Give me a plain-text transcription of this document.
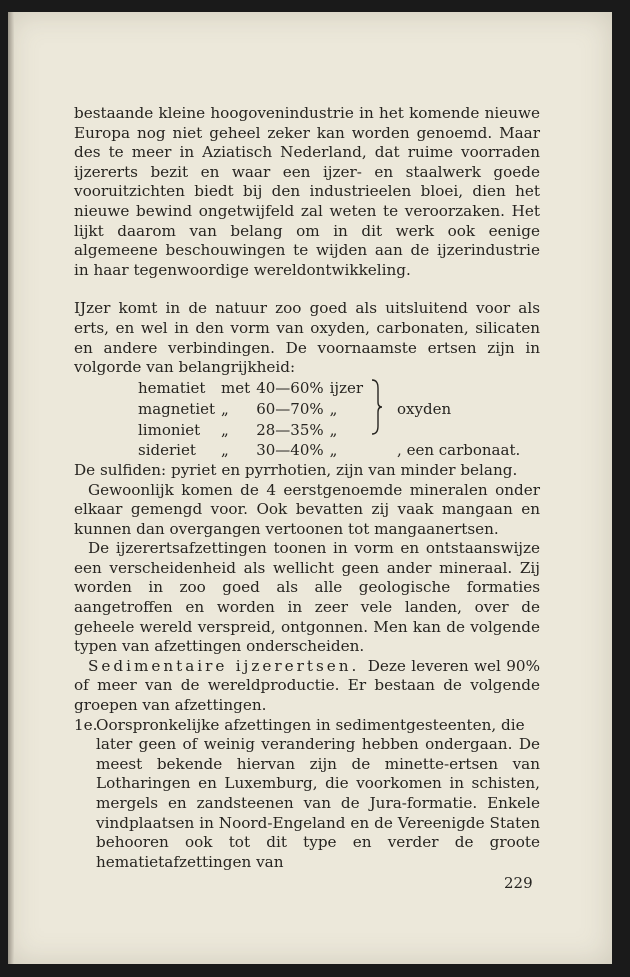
bestaande kleine hoogovenindustrie in het komende nieuwe Europa nog niet geheel zeker kan worden genoemd. Maar des te meer in Aziatisch Nederland, dat ruime voorraden ijzererts bezit en waar een ijzer- en staalwerk goede vooruitzichten biedt bij den industrieelen bloei, dien het nieuwe bewind ongetwijfeld zal weten te veroorzaken. Het lijkt daarom van belang om in dit werk ook eenige algemeene beschouwingen te wijden aan de ijzerindustrie in haar tegenwoordige wereldontwikkeling.

IJzer komt in de natuur zoo goed als uitsluitend voor als erts, en wel in den vorm van oxyden, carbonaten, silicaten en andere verbindingen. De voornaamste ertsen zijn in volgorde van belangrijkheid:

hematiet	met	40—60%	ijzer		oxyden
magnetiet	„	60—70%	„		
limoniet	„	28—35%	„		
sideriet	„	30—40%	„		, een carbonaat.

De sulfiden: pyriet en pyrrhotien, zijn van minder belang.

Gewoonlijk komen de 4 eerstgenoemde mineralen onder elkaar gemengd voor. Ook bevatten zij vaak mangaan en kunnen dan overgangen vertoonen tot mangaanertsen.

De ijzerertsafzettingen toonen in vorm en ontstaanswijze een verscheidenheid als wellicht geen ander mineraal. Zij worden in zoo goed als alle geologische formaties aangetroffen en worden in zeer vele landen, over de geheele wereld verspreid, ontgonnen. Men kan de volgende typen van afzettingen onderscheiden.

Sedimentaire ijzerertsen. Deze leveren wel 90% of meer van de wereldproductie. Er bestaan de volgende groepen van afzettingen.

1e.
Oorspronkelijke afzettingen in sedimentgesteenten, die

later geen of weinig verandering hebben ondergaan. De meest bekende hiervan zijn de minette-ertsen van Lotharingen en Luxemburg, die voorkomen in schisten, mergels en zandsteenen van de Jura-formatie. Enkele vindplaatsen in Noord-Engeland en de Vereenigde Staten behooren ook tot dit type en verder de groote hematietafzettingen van

229
